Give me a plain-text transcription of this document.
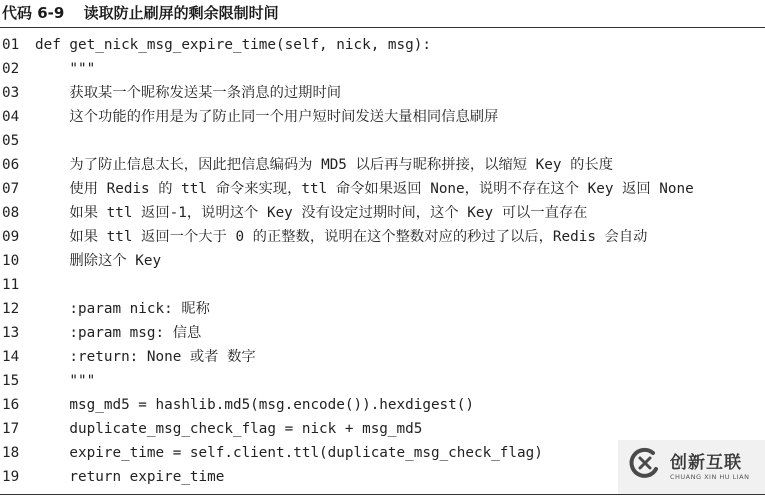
代码 6-9 读取防止刷屏的剩余限制时间
01 def get_nick_msg_expire_time(self, nick, msg):
02 """
03 获取某一个昵称发送某一条消息的过期时间
04 这个功能的作用是为了防止同一个用户短时间发送大量相同信息刷屏
05
06 为了防止信息太长，因此把信息编码为 MD5 以后再与昵称拼接，以缩短 Key 的长度
07 使用 Redis 的 ttl 命令来实现，ttl 命令如果返回 None，说明不存在这个 Key 返回 None
08 如果 ttl 返回-1，说明这个 Key 没有设定过期时间，这个 Key 可以一直存在
09 如果 ttl 返回一个大于 0 的正整数，说明在这个整数对应的秒过了以后，Redis 会自动
10 删除这个 Key
11
12 :param nick: 昵称
13 :param msg: 信息
14 :return: None 或者 数字
15 """
16 msg_md5 = hashlib.md5(msg.encode()).hexdigest()
17 duplicate_msg_check_flag = nick + msg_md5
18 expire_time = self.client.ttl(duplicate_msg_check_flag)
19 return expire_time
创新互联
CHUANG XIN HU LIAN
